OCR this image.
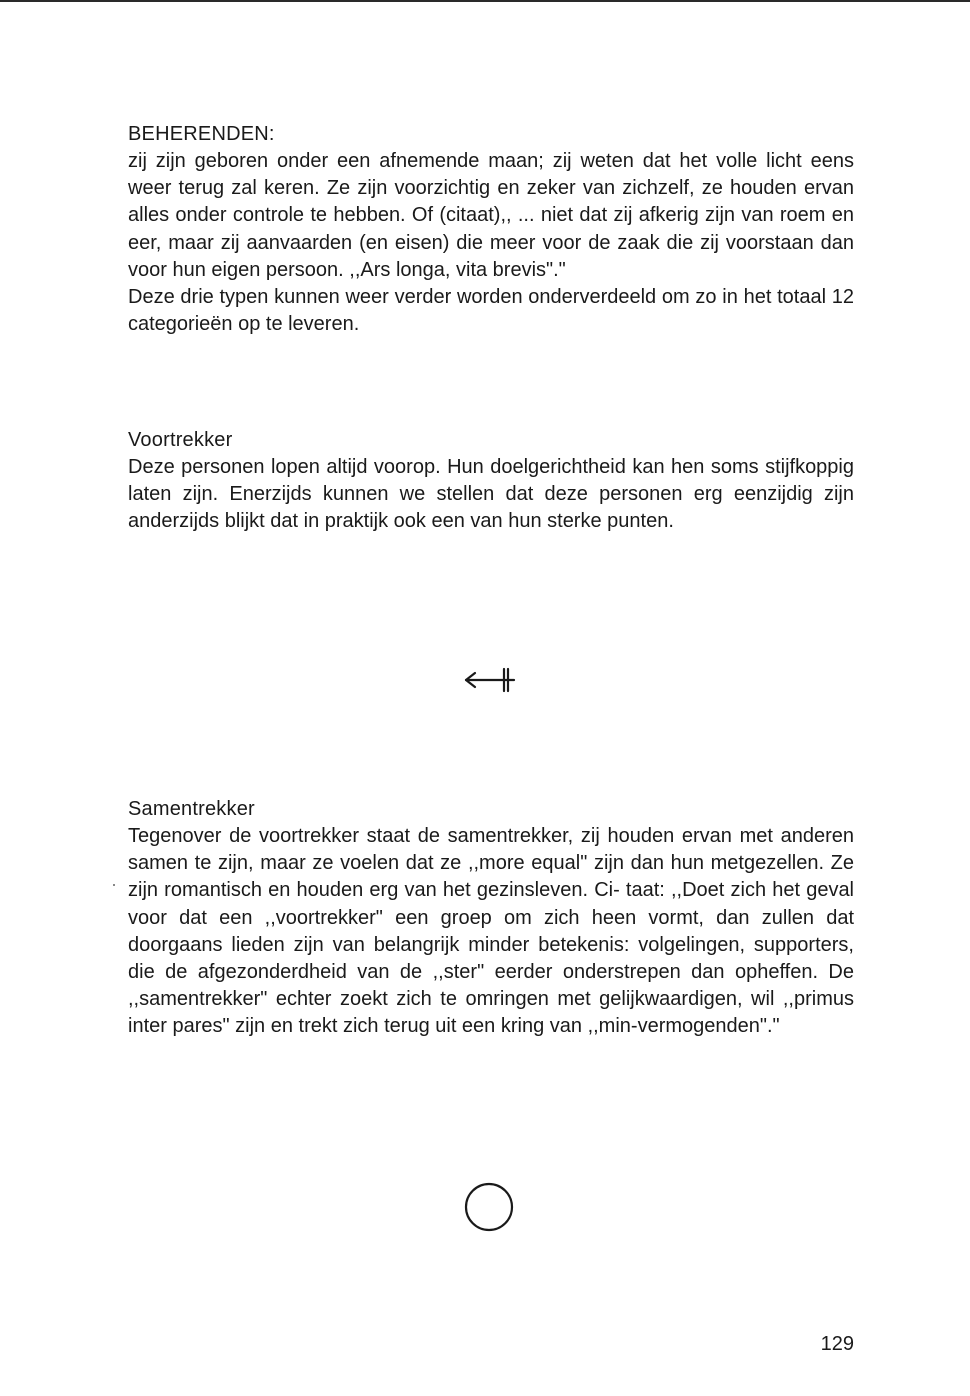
BEHERENDEN:

zij zijn geboren onder een afnemende maan; zij weten dat het volle licht eens weer terug zal keren. Ze zijn voorzichtig en zeker van zichzelf, ze houden ervan alles onder controle te hebben. Of (citaat),, ... niet dat zij afkerig zijn van roem en eer, maar zij aanvaarden (en eisen) die meer voor de zaak die zij voorstaan dan voor hun eigen persoon. ,,Ars longa, vita brevis"."

Deze drie typen kunnen weer verder worden onderverdeeld om zo in het totaal 12 categorieën op te leveren.

Voortrekker

Deze personen lopen altijd voorop. Hun doelgerichtheid kan hen soms stijfkoppig laten zijn. Enerzijds kunnen we stellen dat deze personen erg eenzijdig zijn anderzijds blijkt dat in praktijk ook een van hun sterke punten.

Samentrekker

Tegenover de voortrekker staat de samentrekker, zij houden ervan met anderen samen te zijn, maar ze voelen dat ze ,,more equal" zijn dan hun metgezellen. Ze zijn romantisch en houden erg van het gezinsleven. Ci- taat: ,,Doet zich het geval voor dat een ,,voortrekker" een groep om zich heen vormt, dan zullen dat doorgaans lieden zijn van belangrijk minder betekenis: volgelingen, supporters, die de afgezonderdheid van de ,,ster" eerder onderstrepen dan opheffen. De ,,samentrekker" echter zoekt zich te omringen met gelijkwaardigen, wil ,,primus inter pares" zijn en trekt zich terug uit een kring van ,,min-vermogenden"."

129
